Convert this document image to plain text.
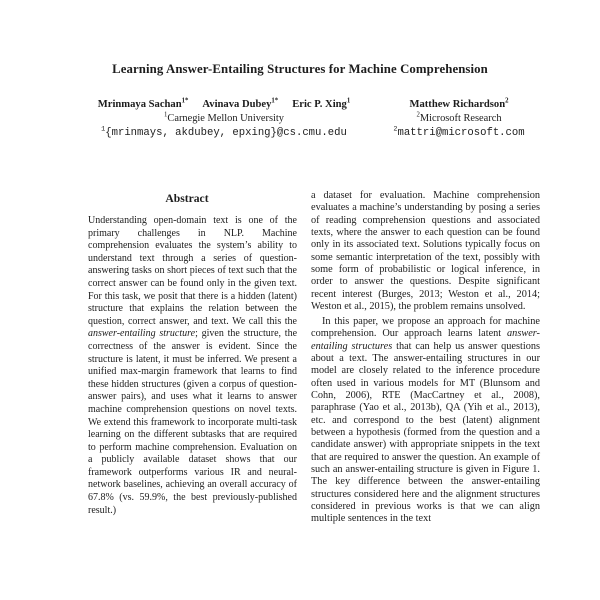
Learning Answer-Entailing Structures for Machine Comprehension
Mrinmaya Sachan$^{1*}$ Avinava Dubey$^{1*}$ Eric P. Xing$^1$
$^1$Carnegie Mellon University
$^1${mrinmays, akdubey, epxing}@cs.cmu.edu
Matthew Richardson$^2$
$^2$Microsoft Research
$^2$mattri@microsoft.com
Abstract

Understanding open-domain text is one of the primary challenges in NLP. Machine comprehension evaluates the system’s ability to understand text through a series of question-answering tasks on short pieces of text such that the correct answer can be found only in the given text. For this task, we posit that there is a hidden (latent) structure that explains the relation between the question, correct answer, and text. We call this the answer-entailing structure; given the structure, the correctness of the answer is evident. Since the structure is latent, it must be inferred. We present a unified max-margin framework that learns to find these hidden structures (given a corpus of question-answer pairs), and uses what it learns to answer machine comprehension questions on novel texts. We extend this framework to incorporate multi-task learning on the different subtasks that are required to perform machine comprehension. Evaluation on a publicly available dataset shows that our framework outperforms various IR and neural-network baselines, achieving an overall accuracy of 67.8% (vs. 59.9%, the best previously-published result.)

a dataset for evaluation. Machine comprehension evaluates a machine’s understanding by posing a series of reading comprehension questions and associated texts, where the answer to each question can be found only in its associated text. Solutions typically focus on some semantic interpretation of the text, possibly with some form of probabilistic or logical inference, in order to answer the questions. Despite significant recent interest (Burges, 2013; Weston et al., 2014; Weston et al., 2015), the problem remains unsolved.

In this paper, we propose an approach for machine comprehension. Our approach learns latent answer-entailing structures that can help us answer questions about a text. The answer-entailing structures in our model are closely related to the inference procedure often used in various models for MT (Blunsom and Cohn, 2006), RTE (MacCartney et al., 2008), paraphrase (Yao et al., 2013b), QA (Yih et al., 2013), etc. and correspond to the best (latent) alignment between a hypothesis (formed from the question and a candidate answer) with appropriate snippets in the text that are required to answer the question. An example of such an answer-entailing structure is given in Figure 1. The key difference between the answer-entailing structures considered here and the alignment structures considered in previous works is that we can align multiple sentences in the text
